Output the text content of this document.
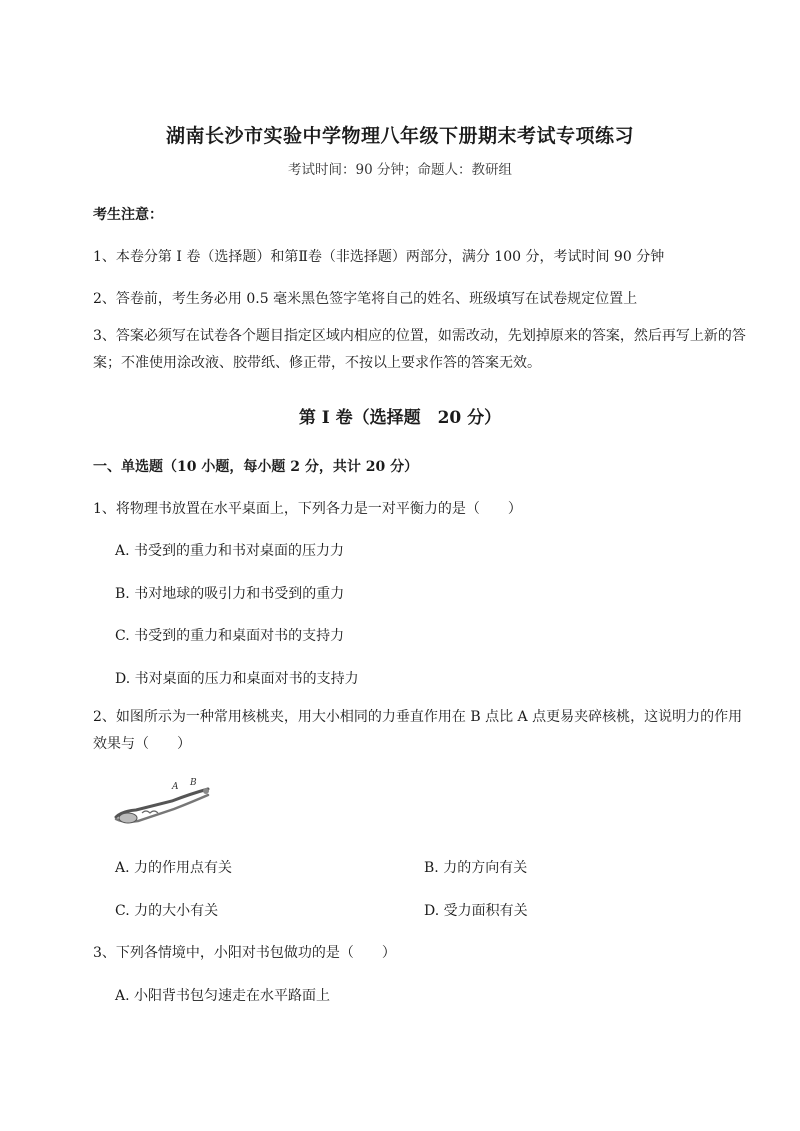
湖南长沙市实验中学物理八年级下册期末考试专项练习
考试时间：90 分钟；命题人：教研组
考生注意：
1、本卷分第 I 卷（选择题）和第Ⅱ卷（非选择题）两部分，满分 100 分，考试时间 90 分钟
2、答卷前，考生务必用 0.5 毫米黑色签字笔将自己的姓名、班级填写在试卷规定位置上
3、答案必须写在试卷各个题目指定区域内相应的位置，如需改动，先划掉原来的答案，然后再写上新的答案；不准使用涂改液、胶带纸、修正带，不按以上要求作答的答案无效。
第 I 卷（选择题　20 分）
一、单选题（10 小题，每小题 2 分，共计 20 分）
1、将物理书放置在水平桌面上，下列各力是一对平衡力的是（　　）
A. 书受到的重力和书对桌面的压力力
B. 书对地球的吸引力和书受到的重力
C. 书受到的重力和桌面对书的支持力
D. 书对桌面的压力和桌面对书的支持力
2、如图所示为一种常用核桃夹，用大小相同的力垂直作用在 B 点比 A 点更易夹碎核桃，这说明力的作用效果与（　　）
A B
A. 力的作用点有关	B. 力的方向有关
C. 力的大小有关	D. 受力面积有关
3、下列各情境中，小阳对书包做功的是（　　）
A. 小阳背书包匀速走在水平路面上
